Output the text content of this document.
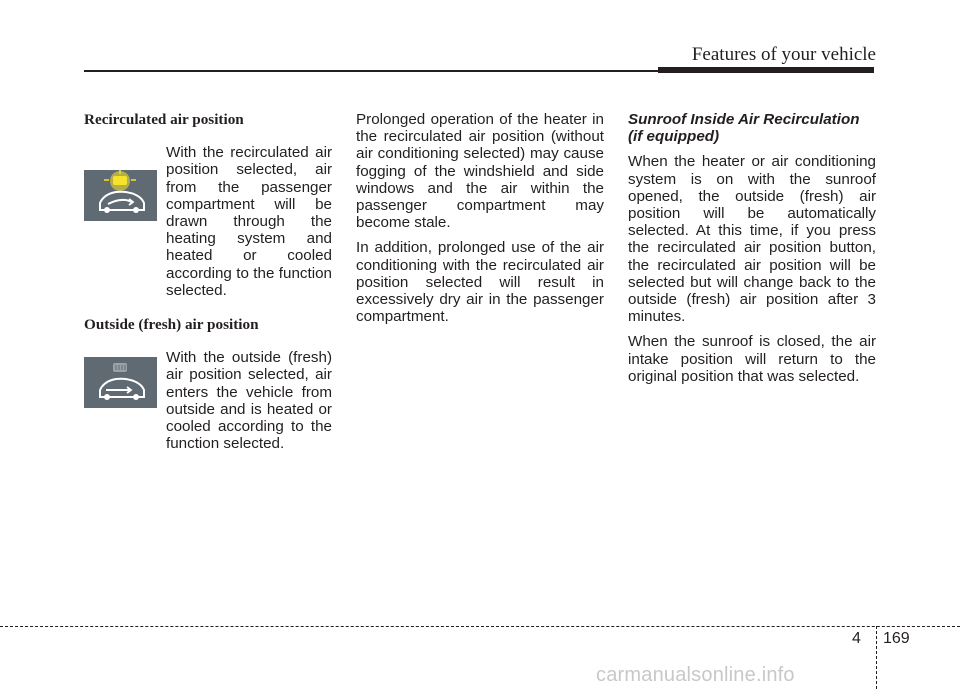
Features of your vehicle
Recirculated air position

With the recirculated air position selected, air from the passenger compartment will be drawn through the heating system and heated or cooled according to the function selected.

Outside (fresh) air position

With the outside (fresh) air position selected, air enters the vehicle from outside and is heated or cooled according to the function selected.

Prolonged operation of the heater in the recirculated air position (without air conditioning selected) may cause fogging of the windshield and side windows and the air within the passenger compartment may become stale.

In addition, prolonged use of the air conditioning with the recirculated air position selected will result in excessively dry air in the passenger compartment.

Sunroof Inside Air Recirculation
(if equipped)

When the heater or air conditioning system is on with the sunroof opened, the outside (fresh) air position will be automatically selected. At this time, if you press the recirculated air position button, the recirculated air position will be selected but will change back to the outside (fresh) air position after 3 minutes.

When the sunroof is closed, the air intake position will return to the original position that was selected.

4 169
carmanualsonline.info
